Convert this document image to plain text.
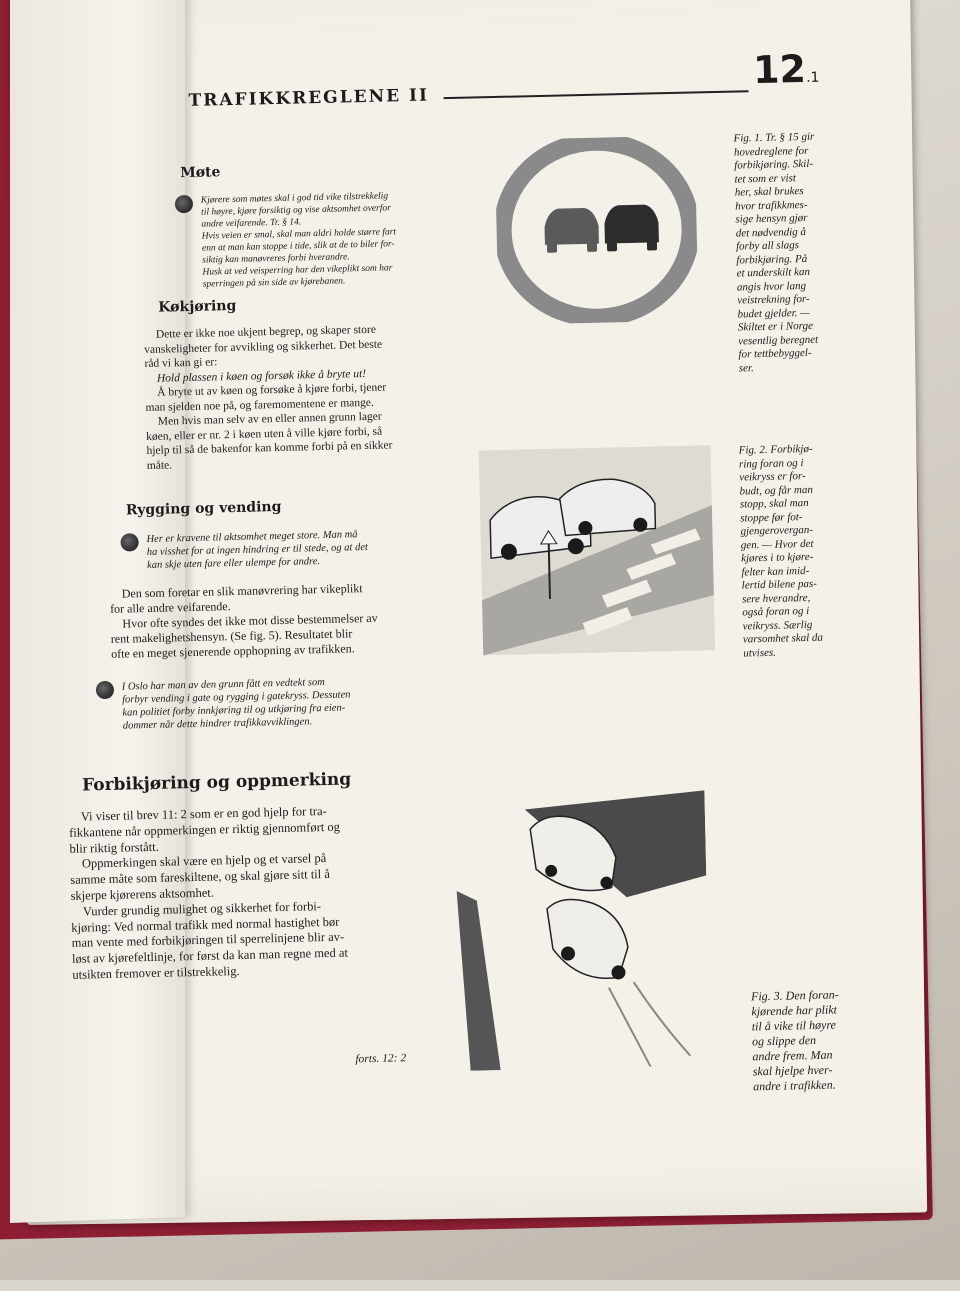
TRAFIKKREGLENE II
12.1
Møte

Kjørere som møtes skal i god tid vike tilstrekkelig

til høyre, kjøre forsiktig og vise aktsomhet overfor

andre veifarende. Tr. § 14.

Hvis veien er smal, skal man aldri holde større fart

enn at man kan stoppe i tide, slik at de to biler for-

siktig kan manøvreres forbi hverandre.

Husk at ved veisperring har den vikeplikt som har

sperringen på sin side av kjørebanen.

Fig. 1. Tr. § 15 gir

hovedreglene for

forbikjøring. Skil-

tet som er vist

her, skal brukes

hvor trafikkmes-

sige hensyn gjør

det nødvendig å

forby all slags

forbikjøring. På

et underskilt kan

angis hvor lang

veistrekning for-

budet gjelder. —

Skiltet er i Norge

vesentlig beregnet

for tettbebyggel-

ser.

Køkjøring

Dette er ikke noe ukjent begrep, og skaper store

vanskeligheter for avvikling og sikkerhet. Det beste

råd vi kan gi er:

Hold plassen i køen og forsøk ikke å bryte ut!

Å bryte ut av køen og forsøke å kjøre forbi, tjener

man sjelden noe på, og faremomentene er mange.

Men hvis man selv av en eller annen grunn lager

køen, eller er nr. 2 i køen uten å ville kjøre forbi, så

hjelp til så de bakenfor kan komme forbi på en sikker

måte.

Fig. 2. Forbikjø-

ring foran og i

veikryss er for-

budt, og får man

stopp, skal man

stoppe før fot-

gjengerovergan-

gen. — Hvor det

kjøres i to kjøre-

felter kan imid-

lertid bilene pas-

sere hverandre,

også foran og i

veikryss. Særlig

varsomhet skal da

utvises.

Rygging og vending

Her er kravene til aktsomhet meget store. Man må

ha visshet for at ingen hindring er til stede, og at det

kan skje uten fare eller ulempe for andre.

Den som foretar en slik manøvrering har vikeplikt

for alle andre veifarende.

Hvor ofte syndes det ikke mot disse bestemmelser av

rent makelighetshensyn. (Se fig. 5). Resultatet blir

ofte en meget sjenerende opphopning av trafikken.

I Oslo har man av den grunn fått en vedtekt som

forbyr vending i gate og rygging i gatekryss. Dessuten

kan politiet forby innkjøring til og utkjøring fra eien-

dommer når dette hindrer trafikkavviklingen.

Forbikjøring og oppmerking

Vi viser til brev 11: 2 som er en god hjelp for tra-

fikkantene når oppmerkingen er riktig gjennomført og

blir riktig forstått.

Oppmerkingen skal være en hjelp og et varsel på

samme måte som fareskiltene, og skal gjøre sitt til å

skjerpe kjørerens aktsomhet.

Vurder grundig mulighet og sikkerhet for forbi-

kjøring: Ved normal trafikk med normal hastighet bør

man vente med forbikjøringen til sperrelinjene blir av-

løst av kjørefeltlinje, for først da kan man regne med at

utsikten fremover er tilstrekkelig.

Fig. 3. Den foran-

kjørende har plikt

til å vike til høyre

og slippe den

andre frem. Man

skal hjelpe hver-

andre i trafikken.

forts. 12: 2
